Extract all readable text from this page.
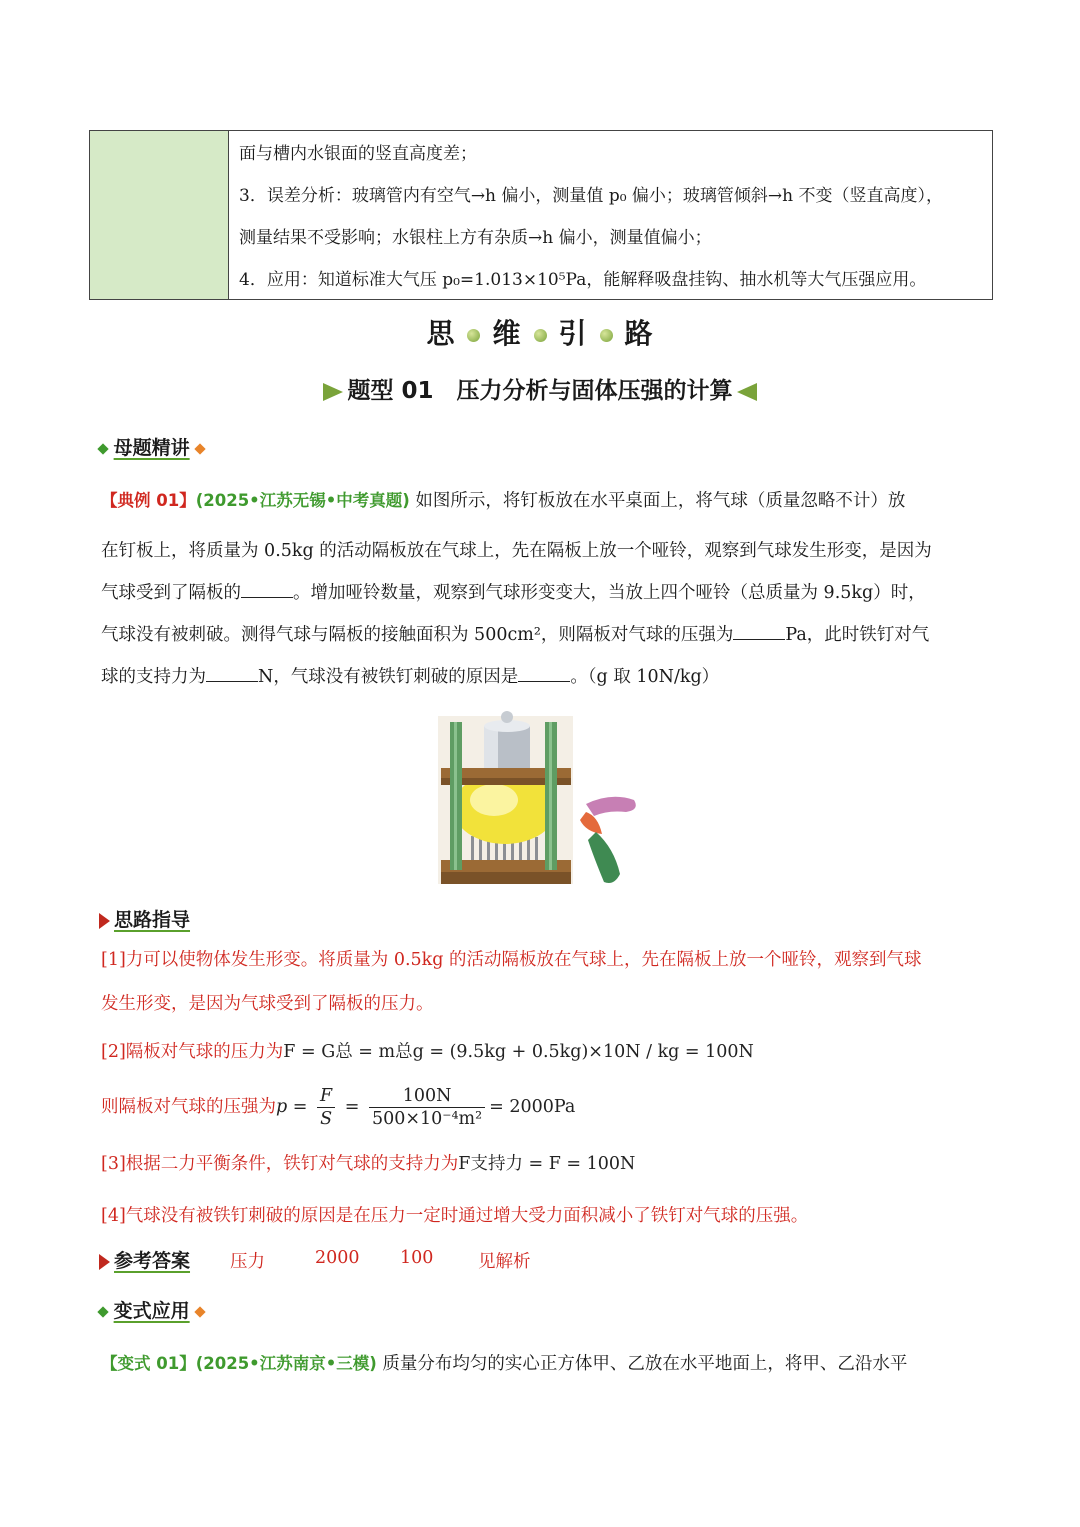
面与槽内水银面的竖直高度差；
3．误差分析：玻璃管内有空气→h 偏小，测量值 p₀ 偏小；玻璃管倾斜→h 不变（竖直高度），
测量结果不受影响；水银柱上方有杂质→h 偏小，测量值偏小；
4．应用：知道标准大气压 p₀=1.013×10⁵Pa，能解释吸盘挂钩、抽水机等大气压强应用。
思 维 引 路
题型 01　压力分析与固体压强的计算
母题精讲
【典例 01】(2025•江苏无锡•中考真题) 如图所示，将钉板放在水平桌面上，将气球（质量忽略不计）放
在钉板上，将质量为 0.5kg 的活动隔板放在气球上，先在隔板上放一个哑铃，观察到气球发生形变，是因为
气球受到了隔板的	。增加哑铃数量，观察到气球形变变大，当放上四个哑铃（总质量为 9.5kg）时，
气球没有被刺破。测得气球与隔板的接触面积为 500cm²，则隔板对气球的压强为	Pa，此时铁钉对气
球的支持力为	N，气球没有被铁钉刺破的原因是	。（g 取 10N/kg）
思路指导
[1]力可以使物体发生形变。将质量为 0.5kg 的活动隔板放在气球上，先在隔板上放一个哑铃，观察到气球
发生形变，是因为气球受到了隔板的压力。
[2]隔板对气球的压力为F = G总 = m总g = (9.5kg + 0.5kg)×10N / kg = 100N
则隔板对气球的压强为$p = \frac{F}{S} = \frac{100N}{\text{500×10⁻⁴m²}} = 2000Pa$
[3]根据二力平衡条件，铁钉对气球的支持力为F支持力 = F = 100N
[4]气球没有被铁钉刺破的原因是在压力一定时通过增大受力面积减小了铁钉对气球的压强。
参考答案 压力	2000 100	见解析
变式应用
【变式 01】(2025•江苏南京•三模) 质量分布均匀的实心正方体甲、乙放在水平地面上，将甲、乙沿水平
